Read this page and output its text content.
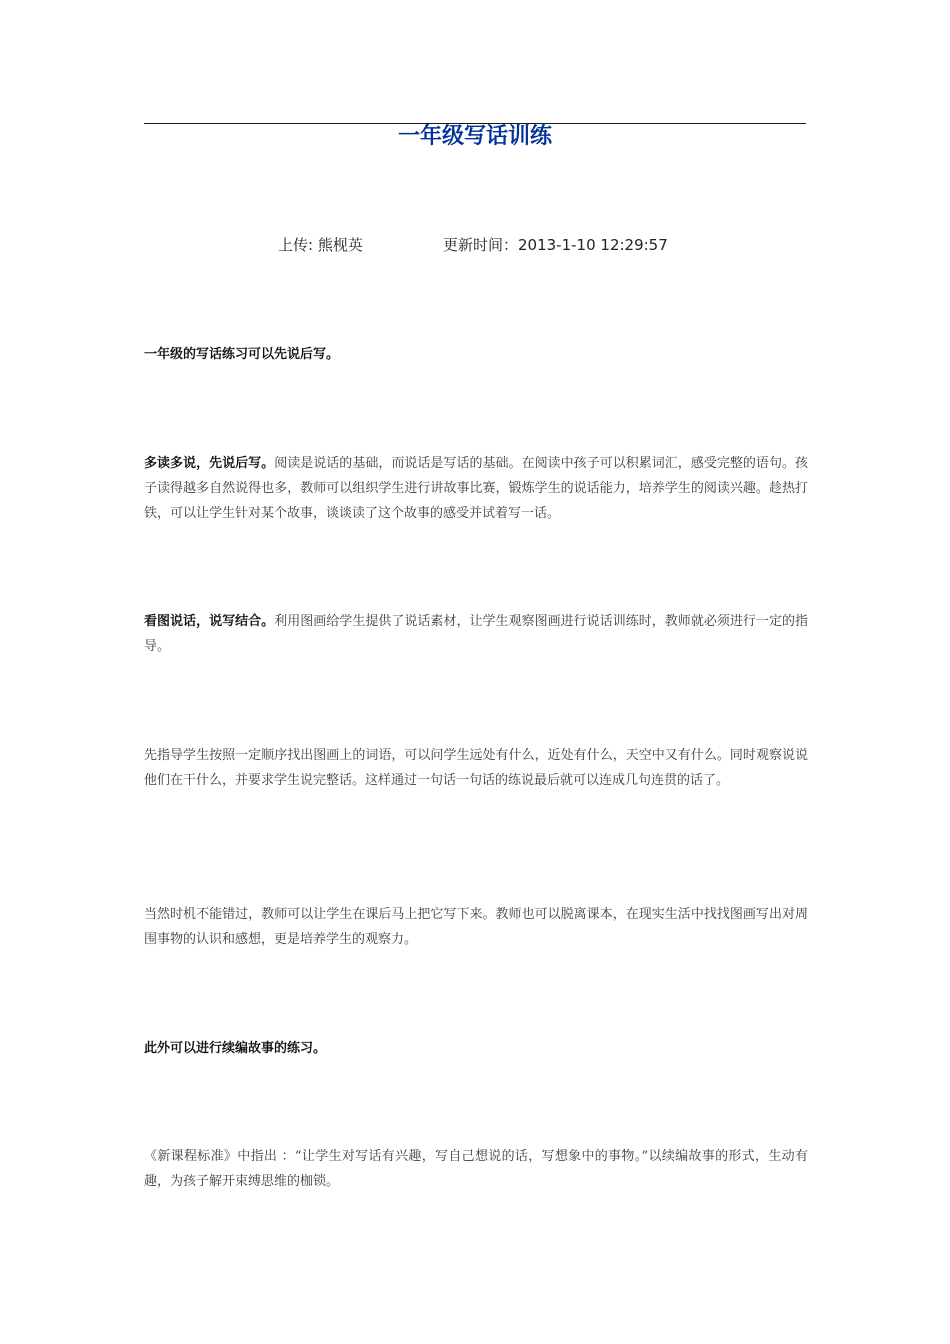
一年级写话训练
上传: 熊枧英	更新时间：2013-1-10 12:29:57

一年级的写话练习可以先说后写。

多读多说，先说后写。阅读是说话的基础，而说话是写话的基础。在阅读中孩子可以积累词汇，感受完整的语句。孩子读得越多自然说得也多，教师可以组织学生进行讲故事比赛，锻炼学生的说话能力，培养学生的阅读兴趣。趁热打铁，可以让学生针对某个故事，谈谈读了这个故事的感受并试着写一话。

看图说话，说写结合。利用图画给学生提供了说话素材，让学生观察图画进行说话训练时，教师就必须进行一定的指导。

先指导学生按照一定顺序找出图画上的词语，可以问学生远处有什么，近处有什么，天空中又有什么。同时观察说说他们在干什么，并要求学生说完整话。这样通过一句话一句话的练说最后就可以连成几句连贯的话了。

当然时机不能错过，教师可以让学生在课后马上把它写下来。教师也可以脱离课本，在现实生活中找找图画写出对周围事物的认识和感想，更是培养学生的观察力。

此外可以进行续编故事的练习。

《新课程标准》中指出 ：“让学生对写话有兴趣，写自己想说的话，写想象中的事物。”以续编故事的形式，生动有趣，为孩子解开束缚思维的枷锁。
